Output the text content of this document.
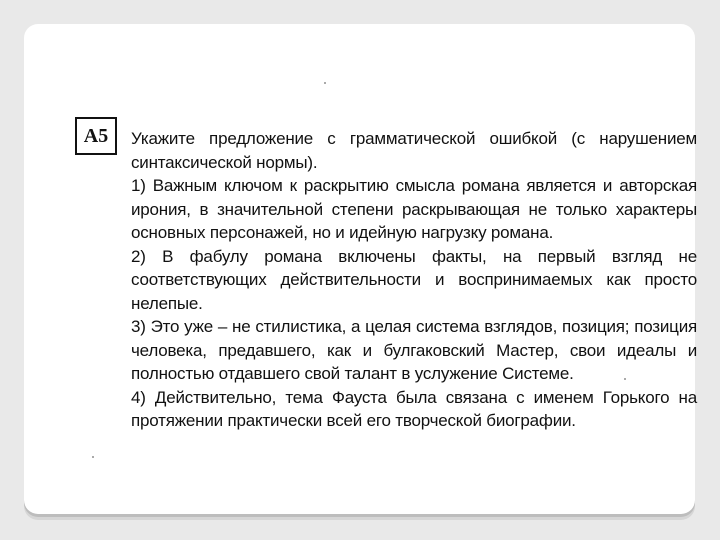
A5 Укажите предложение с грамматической ошибкой (с нарушением синтаксической нормы).

1) Важным ключом к раскрытию смысла романа является и авторская ирония, в значительной степени раскрывающая не только характеры основных персонажей, но и идейную нагрузку романа.

2) В фабулу романа включены факты, на первый взгляд не соответствующих действительности и воспринимаемых как просто нелепые.

3) Это уже – не стилистика, а целая система взглядов, позиция; позиция человека, предавшего, как и булгаковский Мастер, свои идеалы и полностью отдавшего свой талант в услужение Системе.

4) Действительно, тема Фауста была связана с именем Горького на протяжении практически всей его творческой биографии.
